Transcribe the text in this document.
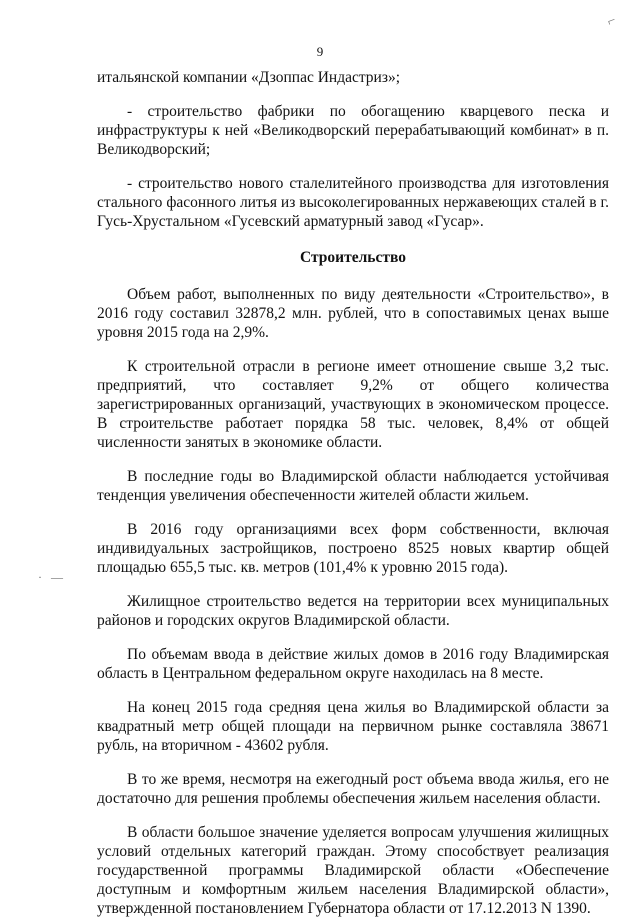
⌐
· —
9

итальянской компании «Дзоппас Индастриз»;

- строительство фабрики по обогащению кварцевого песка и инфраструктуры к ней «Великодворский перерабатывающий комбинат» в п. Великодворский;

- строительство нового сталелитейного производства для изготовления стального фасонного литья из высоколегированных нержавеющих сталей в г. Гусь-Хрустальном «Гусевский арматурный завод «Гусар».

Строительство

Объем работ, выполненных по виду деятельности «Строительство», в 2016 году составил 32878,2 млн. рублей, что в сопоставимых ценах выше уровня 2015 года на 2,9%.

К строительной отрасли в регионе имеет отношение свыше 3,2 тыс. предприятий, что составляет 9,2% от общего количества зарегистрированных организаций, участвующих в экономическом процессе. В строительстве работает порядка 58 тыс. человек, 8,4% от общей численности занятых в экономике области.

В последние годы во Владимирской области наблюдается устойчивая тенденция увеличения обеспеченности жителей области жильем.

В 2016 году организациями всех форм собственности, включая индивидуальных застройщиков, построено 8525 новых квартир общей площадью 655,5 тыс. кв. метров (101,4% к уровню 2015 года).

Жилищное строительство ведется на территории всех муниципальных районов и городских округов Владимирской области.

По объемам ввода в действие жилых домов в 2016 году Владимирская область в Центральном федеральном округе находилась на 8 месте.

На конец 2015 года средняя цена жилья во Владимирской области за квадратный метр общей площади на первичном рынке составляла 38671 рубль, на вторичном - 43602 рубля.

В то же время, несмотря на ежегодный рост объема ввода жилья, его не достаточно для решения проблемы обеспечения жильем населения области.

В области большое значение уделяется вопросам улучшения жилищных условий отдельных категорий граждан. Этому способствует реализация государственной программы Владимирской области «Обеспечение доступным и комфортным жильем населения Владимирской области», утвержденной постановлением Губернатора области от 17.12.2013 N 1390.
